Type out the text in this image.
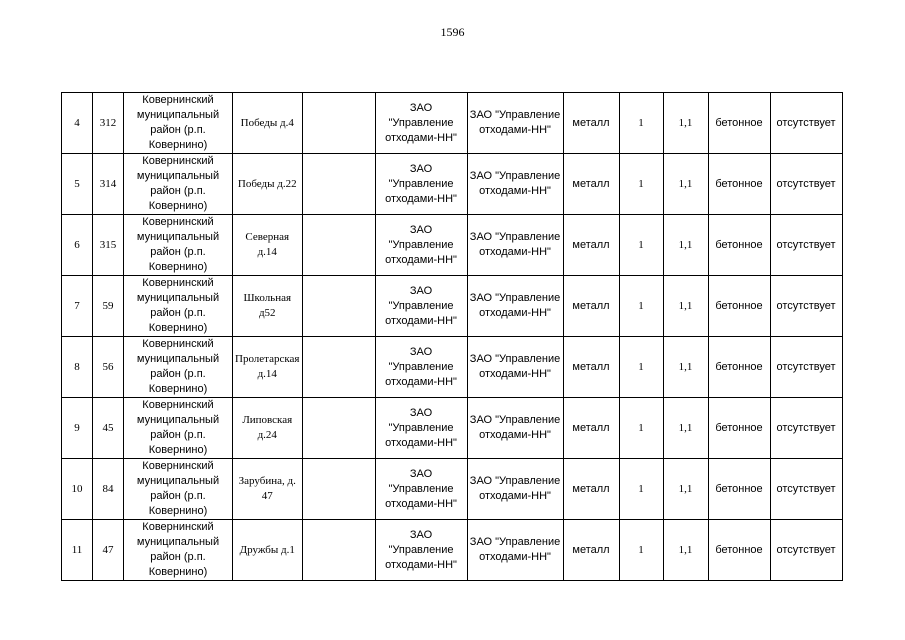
1596
4	312	Ковернинский муниципальный район (р.п. Ковернино)	Победы д.4		ЗАО "Управление отходами-НН"	ЗАО "Управление отходами-НН"	металл	1	1,1	бетонное	отсутствует
5	314	Ковернинский муниципальный район (р.п. Ковернино)	Победы д.22		ЗАО "Управление отходами-НН"	ЗАО "Управление отходами-НН"	металл	1	1,1	бетонное	отсутствует
6	315	Ковернинский муниципальный район (р.п. Ковернино)	Северная д.14		ЗАО "Управление отходами-НН"	ЗАО "Управление отходами-НН"	металл	1	1,1	бетонное	отсутствует
7	59	Ковернинский муниципальный район (р.п. Ковернино)	Школьная д52		ЗАО "Управление отходами-НН"	ЗАО "Управление отходами-НН"	металл	1	1,1	бетонное	отсутствует
8	56	Ковернинский муниципальный район (р.п. Ковернино)	Пролетарская д.14		ЗАО "Управление отходами-НН"	ЗАО "Управление отходами-НН"	металл	1	1,1	бетонное	отсутствует
9	45	Ковернинский муниципальный район (р.п. Ковернино)	Липовская д.24		ЗАО "Управление отходами-НН"	ЗАО "Управление отходами-НН"	металл	1	1,1	бетонное	отсутствует
10	84	Ковернинский муниципальный район (р.п. Ковернино)	Зарубина, д. 47		ЗАО "Управление отходами-НН"	ЗАО "Управление отходами-НН"	металл	1	1,1	бетонное	отсутствует
11	47	Ковернинский муниципальный район (р.п. Ковернино)	Дружбы д.1		ЗАО "Управление отходами-НН"	ЗАО "Управление отходами-НН"	металл	1	1,1	бетонное	отсутствует
